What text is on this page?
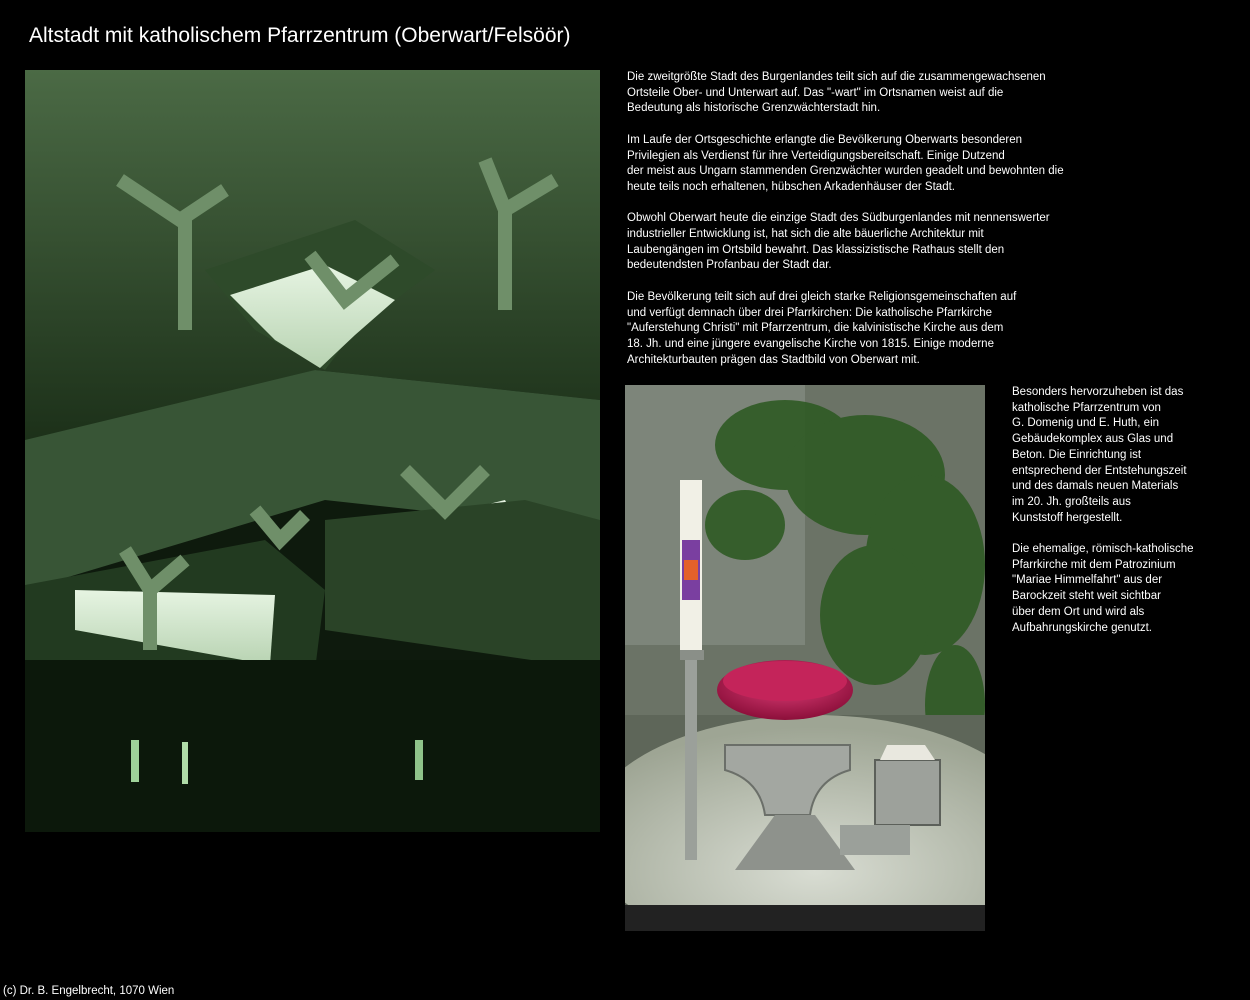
Altstadt mit katholischem Pfarrzentrum (Oberwart/Felsöör)

Die zweitgrößte Stadt des Burgenlandes teilt sich auf die zusammengewachsenen
Ortsteile Ober- und Unterwart auf. Das "-wart" im Ortsnamen weist auf die
Bedeutung als historische Grenzwächterstadt hin.

Im Laufe der Ortsgeschichte erlangte die Bevölkerung Oberwarts besonderen
Privilegien als Verdienst für ihre Verteidigungsbereitschaft. Einige Dutzend
der meist aus Ungarn stammenden Grenzwächter wurden geadelt und bewohnten die
heute teils noch erhaltenen, hübschen Arkadenhäuser der Stadt.

Obwohl Oberwart heute die einzige Stadt des Südburgenlandes mit nennenswerter
industrieller Entwicklung ist, hat sich die alte bäuerliche Architektur mit
Laubengängen im Ortsbild bewahrt. Das klassizistische Rathaus stellt den
bedeutendsten Profanbau der Stadt dar.

Die Bevölkerung teilt sich auf drei gleich starke Religionsgemeinschaften auf
und verfügt demnach über drei Pfarrkirchen: Die katholische Pfarrkirche
"Auferstehung Christi" mit Pfarrzentrum, die kalvinistische Kirche aus dem
18. Jh. und eine jüngere evangelische Kirche von 1815. Einige moderne
Architekturbauten prägen das Stadtbild von Oberwart mit.

Besonders hervorzuheben ist das
katholische Pfarrzentrum von
G. Domenig und E. Huth, ein
Gebäudekomplex aus Glas und
Beton. Die Einrichtung ist
entsprechend der Entstehungszeit
und des damals neuen Materials
im 20. Jh. großteils aus
Kunststoff hergestellt.

Die ehemalige, römisch-katholische
Pfarrkirche mit dem Patrozinium
"Mariae Himmelfahrt" aus der
Barockzeit steht weit sichtbar
über dem Ort und wird als
Aufbahrungskirche genutzt.

(c) Dr. B. Engelbrecht, 1070 Wien
